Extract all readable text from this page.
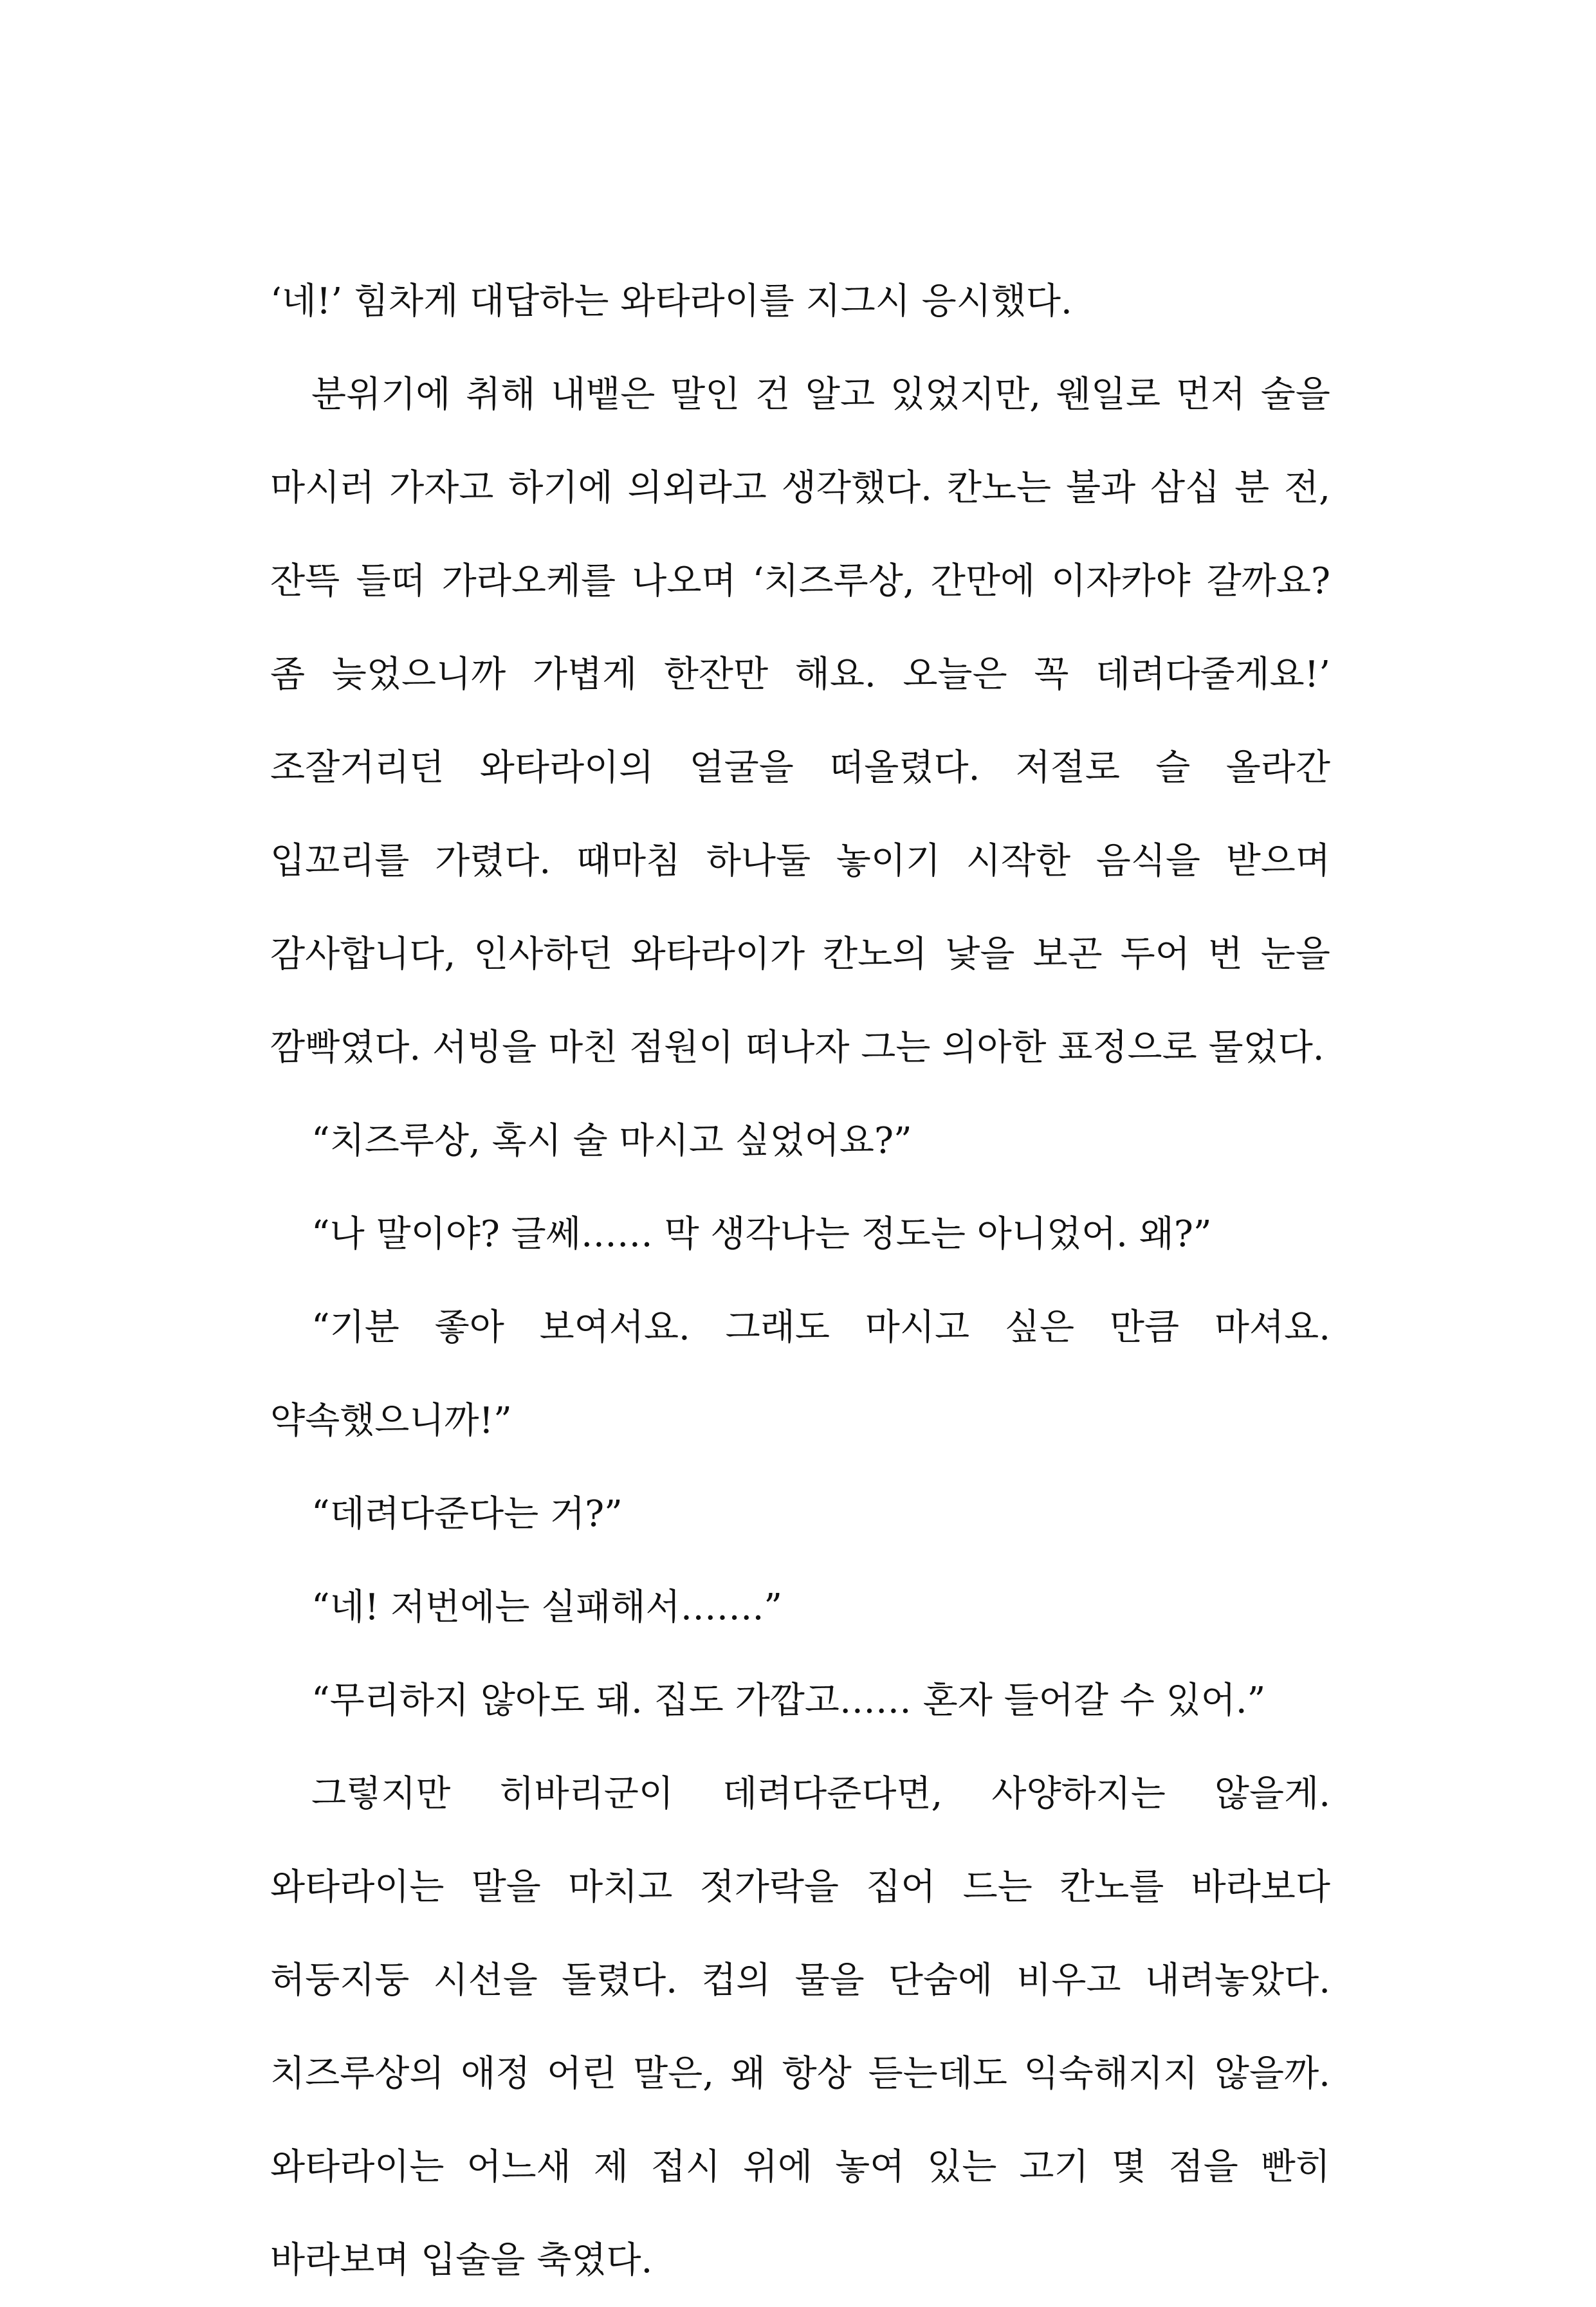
‘네!’ 힘차게 대답하는 와타라이를 지그시 응시했다.

분위기에 취해 내뱉은 말인 건 알고 있었지만, 웬일로 먼저 술을 마시러 가자고 하기에 의외라고 생각했다. 칸노는 불과 삼십 분 전, 잔뜩 들떠 가라오케를 나오며 ‘치즈루상, 간만에 이자카야 갈까요? 좀 늦었으니까 가볍게 한잔만 해요. 오늘은 꼭 데려다줄게요!’ 조잘거리던 와타라이의 얼굴을 떠올렸다. 저절로 슬 올라간 입꼬리를 가렸다. 때마침 하나둘 놓이기 시작한 음식을 받으며 감사합니다, 인사하던 와타라이가 칸노의 낯을 보곤 두어 번 눈을 깜빡였다. 서빙을 마친 점원이 떠나자 그는 의아한 표정으로 물었다.

“치즈루상, 혹시 술 마시고 싶었어요?”

“나 말이야? 글쎄…… 막 생각나는 정도는 아니었어. 왜?”

“기분 좋아 보여서요. 그래도 마시고 싶은 만큼 마셔요. 약속했으니까!”

“데려다준다는 거?”

“네! 저번에는 실패해서…….”

“무리하지 않아도 돼. 집도 가깝고…… 혼자 들어갈 수 있어.”

그렇지만 히바리군이 데려다준다면, 사양하지는 않을게. 와타라이는 말을 마치고 젓가락을 집어 드는 칸노를 바라보다 허둥지둥 시선을 돌렸다. 컵의 물을 단숨에 비우고 내려놓았다. 치즈루상의 애정 어린 말은, 왜 항상 듣는데도 익숙해지지 않을까. 와타라이는 어느새 제 접시 위에 놓여 있는 고기 몇 점을 빤히 바라보며 입술을 축였다.
